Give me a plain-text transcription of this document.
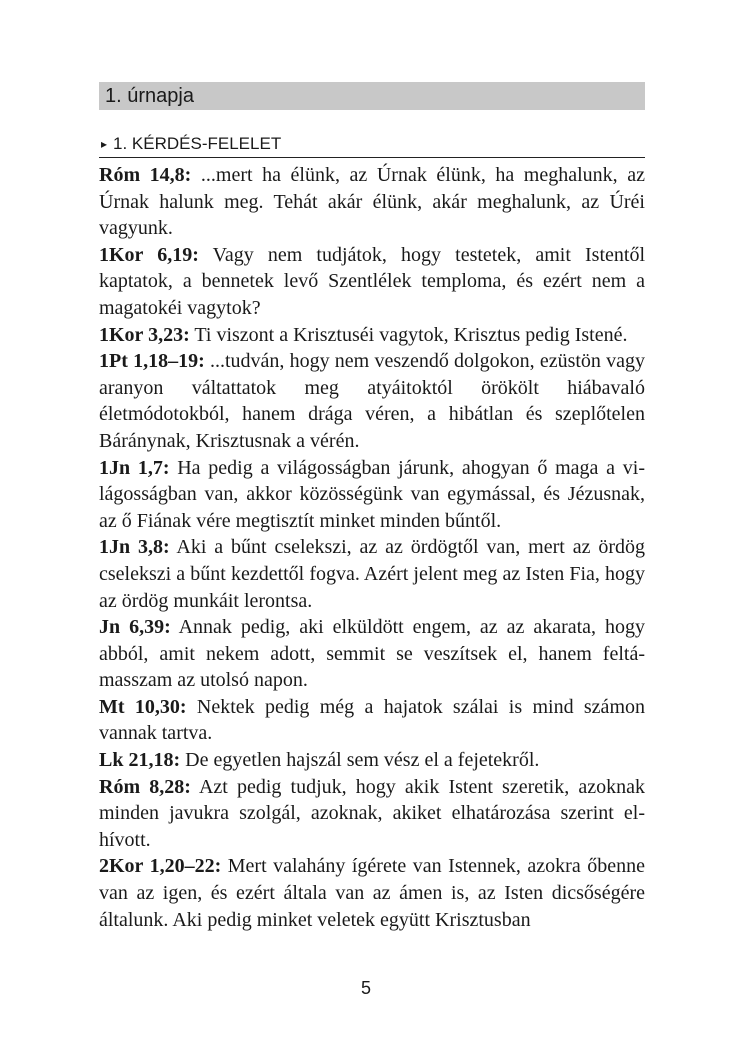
1. úrnapja
▸ 1. KÉRDÉS-FELELET

Róm 14,8: ...mert ha élünk, az Úrnak élünk, ha meghalunk, az Úrnak halunk meg. Tehát akár élünk, akár meghalunk, az Úréi vagyunk.

1Kor 6,19: Vagy nem tudjátok, hogy testetek, amit Istentől kaptatok, a bennetek levő Szentlélek temploma, és ezért nem a magatokéi vagytok?

1Kor 3,23: Ti viszont a Krisztuséi vagytok, Krisztus pedig Istené.

1Pt 1,18–19: ...tudván, hogy nem veszendő dolgokon, ezüstön vagy aranyon váltattatok meg atyáitoktól örökölt hiábavaló életmódotokból, hanem drága véren, a hibátlan és szeplőtelen Báránynak, Krisztusnak a vérén.

1Jn 1,7: Ha pedig a világosságban járunk, ahogyan ő maga a világosságban van, akkor közösségünk van egymással, és Jézusnak, az ő Fiának vére megtisztít minket minden bűntől.

1Jn 3,8: Aki a bűnt cselekszi, az az ördögtől van, mert az ördög cselekszi a bűnt kezdettől fogva. Azért jelent meg az Isten Fia, hogy az ördög munkáit lerontsa.

Jn 6,39: Annak pedig, aki elküldött engem, az az akarata, hogy abból, amit nekem adott, semmit se veszítsek el, hanem feltámasszam az utolsó napon.

Mt 10,30: Nektek pedig még a hajatok szálai is mind számon vannak tartva.

Lk 21,18: De egyetlen hajszál sem vész el a fejetekről.

Róm 8,28: Azt pedig tudjuk, hogy akik Istent szeretik, azoknak minden javukra szolgál, azoknak, akiket elhatározása szerint elhívott.

2Kor 1,20–22: Mert valahány ígérete van Istennek, azokra őbenne van az igen, és ezért általa van az ámen is, az Isten dicsőségére általunk. Aki pedig minket veletek együtt Krisztusban

5
